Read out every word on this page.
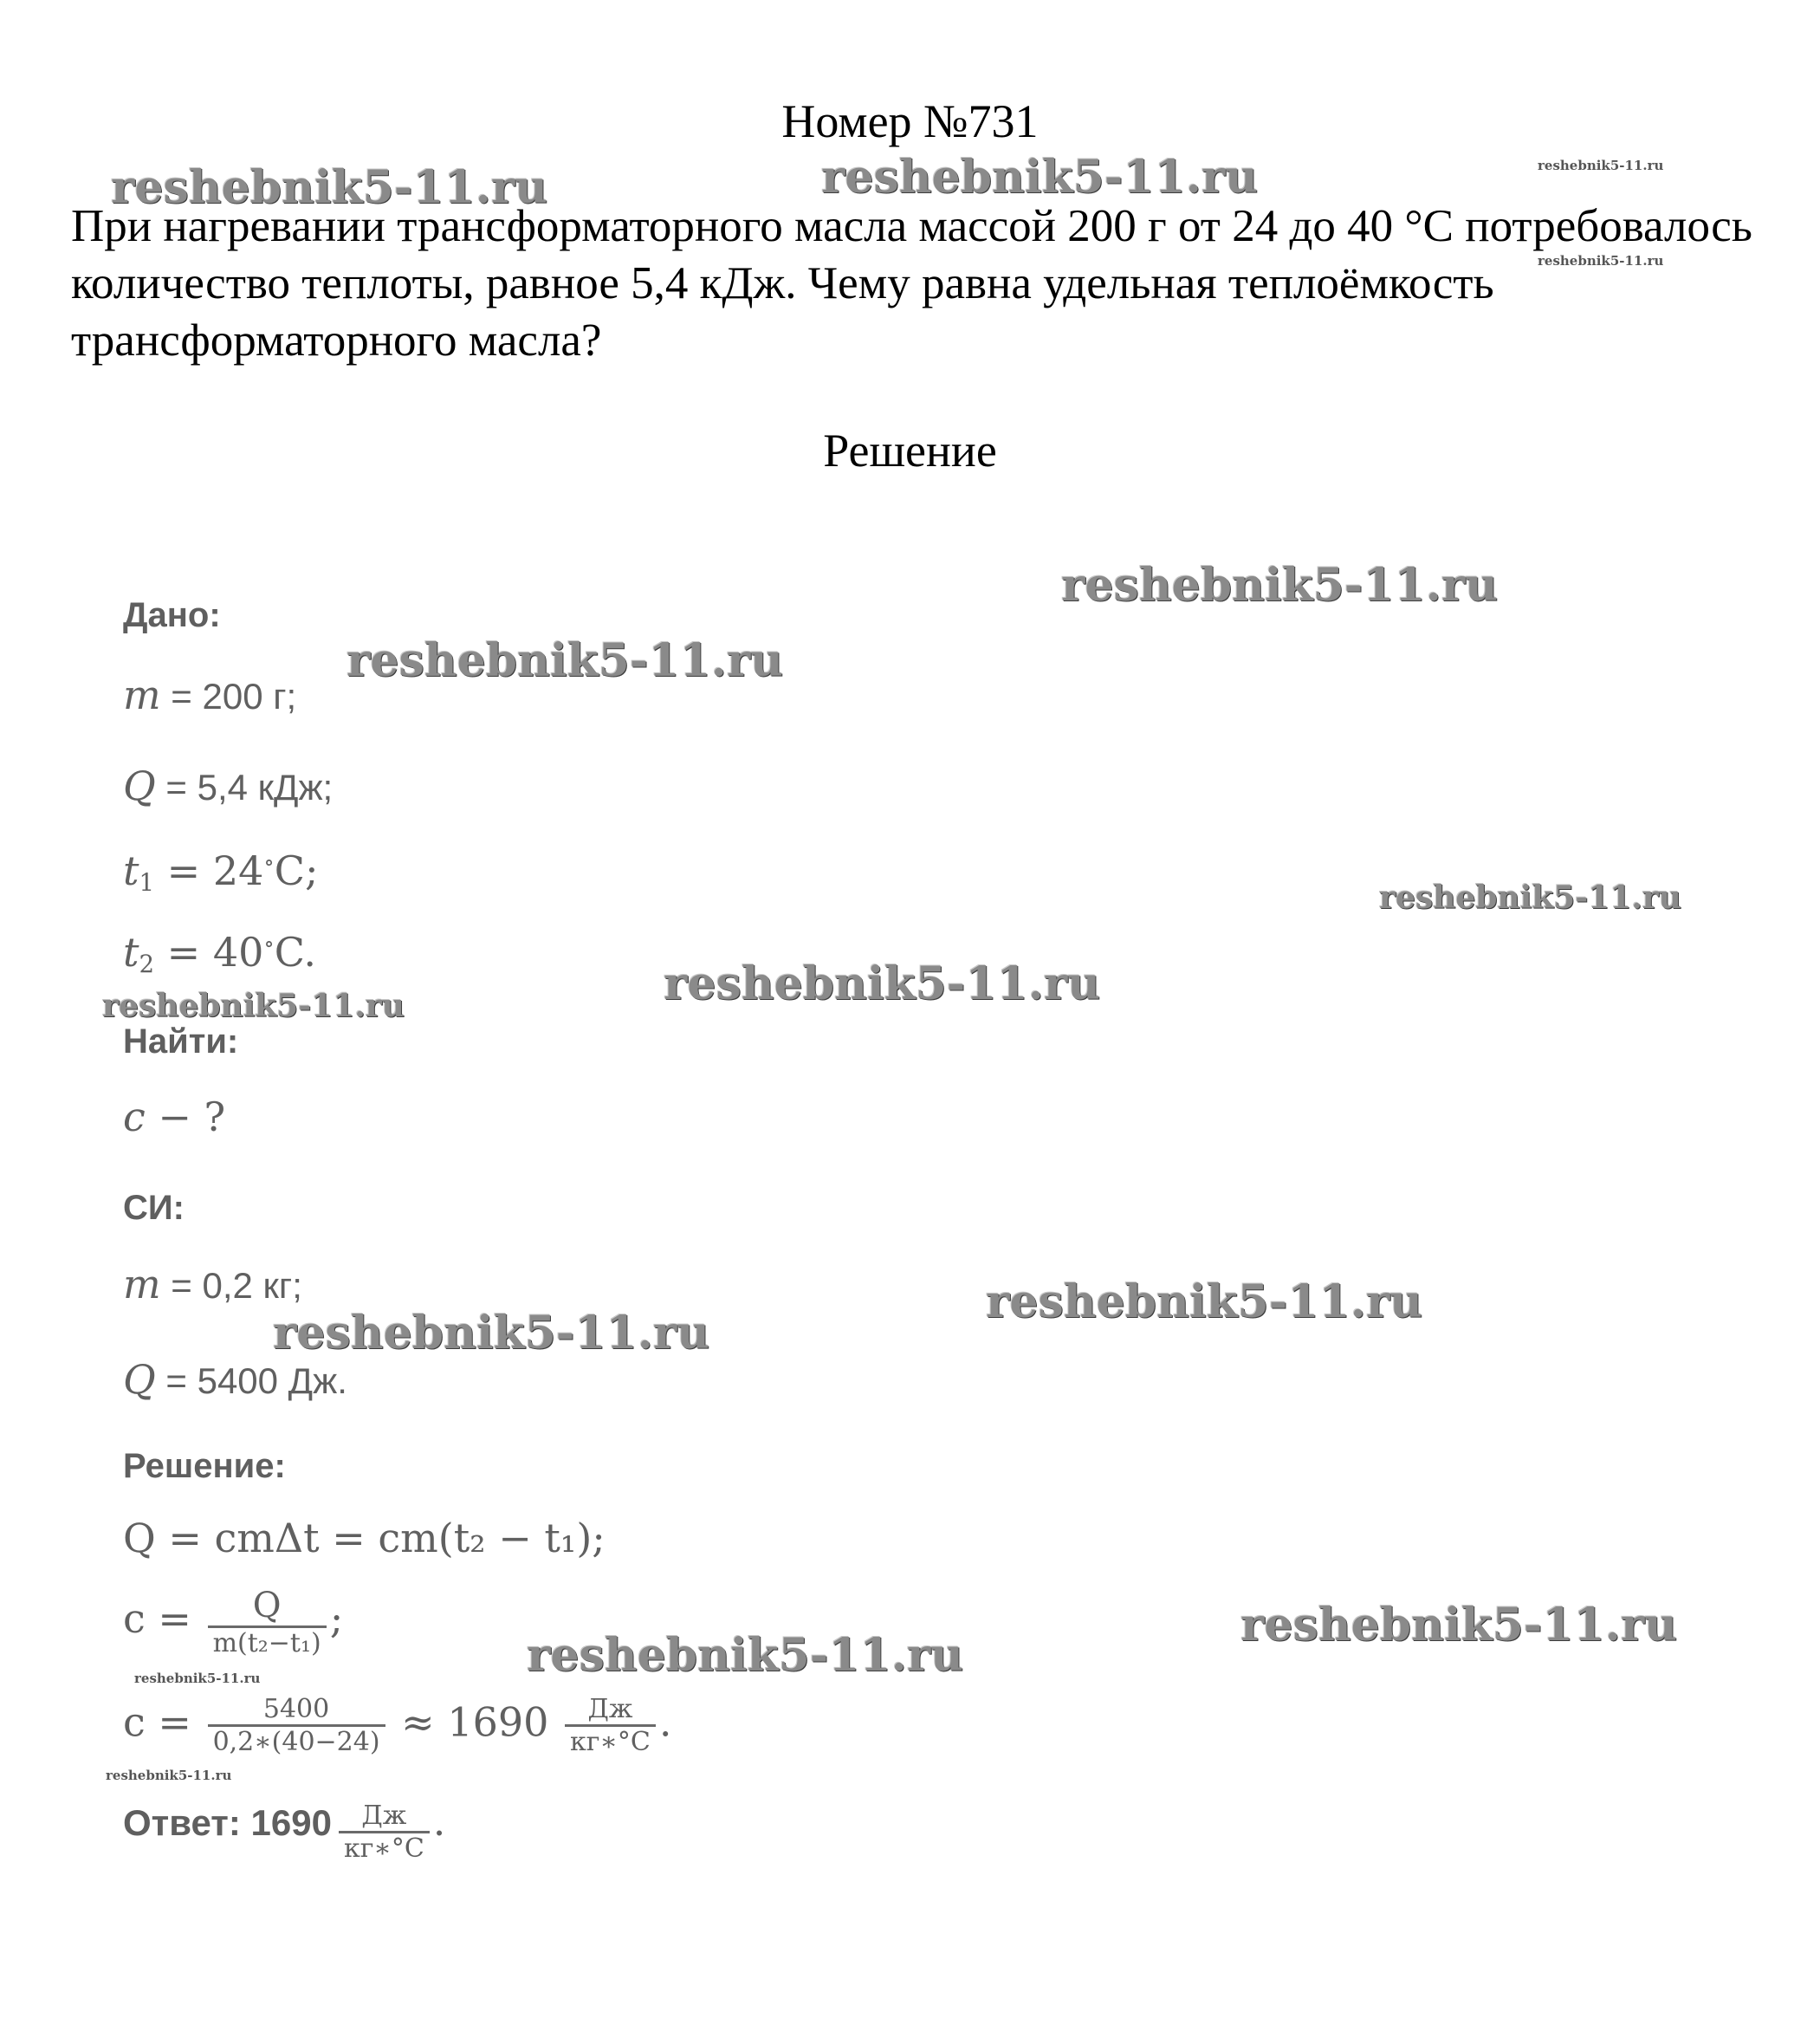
Номер №731
При нагревании трансформаторного масла массой 200 г от 24 до 40 °С потребовалось количество теплоты, равное 5,4 кДж. Чему равна удельная теплоёмкость трансформаторного масла?
Решение
Дано:
m = 200 г;
Q = 5,4 кДж;
$t_1 = 24^\circ C$;
$t_2 = 40^\circ C$.
Найти:
c − ?
СИ:
m = 0,2 кг;
Q = 5400 Дж.
Решение:
Q = cmΔt = cm(t₂ − t₁);
$c = \frac{Q}{\text{m(t₂−t₁)}}$ ;
$c = \frac{5400}{0,2∗(40-24)} \approx 1690 \frac{Дж}{кг∗^\circ C}$ .
Ответ: $1690 \frac{Дж}{кг∗^\circ C}$ .
reshebnik5-11.ru	reshebnik5-11.ru	reshebnik5-11.ru
reshebnik5-11.ru
reshebnik5-11.ru
reshebnik5-11.ru
reshebnik5-11.ru
reshebnik5-11.ru
reshebnik5-11.ru
reshebnik5-11.ru
reshebnik5-11.ru
reshebnik5-11.ru
reshebnik5-11.ru
reshebnik5-11.ru
reshebnik5-11.ru
